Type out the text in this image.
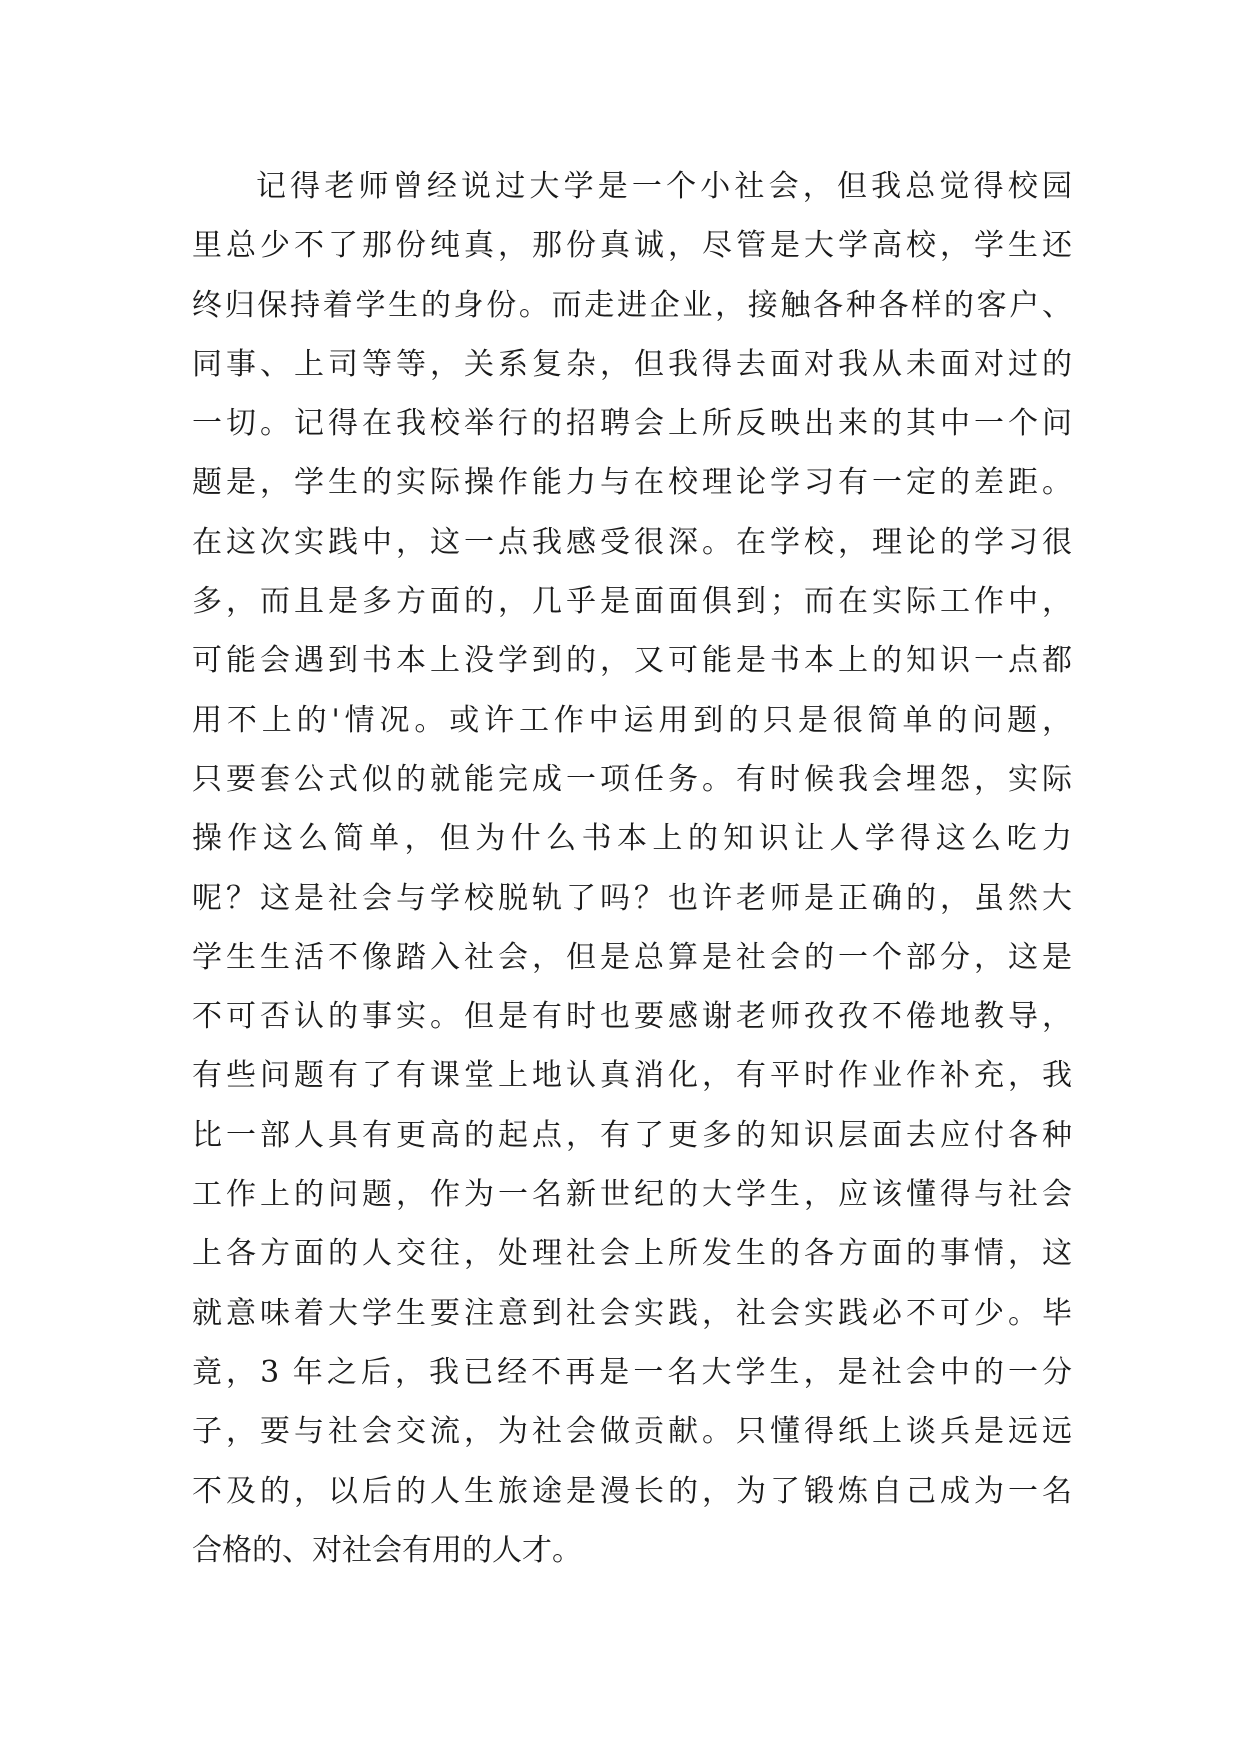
记得老师曾经说过大学是一个小社会，但我总觉得校园
里总少不了那份纯真，那份真诚，尽管是大学高校，学生还
终归保持着学生的身份。而走进企业，接触各种各样的客户、
同事、上司等等，关系复杂，但我得去面对我从未面对过的
一切。记得在我校举行的招聘会上所反映出来的其中一个问
题是，学生的实际操作能力与在校理论学习有一定的差距。
在这次实践中，这一点我感受很深。在学校，理论的学习很
多，而且是多方面的，几乎是面面俱到；而在实际工作中，
可能会遇到书本上没学到的，又可能是书本上的知识一点都
用不上的'情况。或许工作中运用到的只是很简单的问题，
只要套公式似的就能完成一项任务。有时候我会埋怨，实际
操作这么简单，但为什么书本上的知识让人学得这么吃力
呢？这是社会与学校脱轨了吗？也许老师是正确的，虽然大
学生生活不像踏入社会，但是总算是社会的一个部分，这是
不可否认的事实。但是有时也要感谢老师孜孜不倦地教导，
有些问题有了有课堂上地认真消化，有平时作业作补充，我
比一部人具有更高的起点，有了更多的知识层面去应付各种
工作上的问题，作为一名新世纪的大学生，应该懂得与社会
上各方面的人交往，处理社会上所发生的各方面的事情，这
就意味着大学生要注意到社会实践，社会实践必不可少。毕
竟，3 年之后，我已经不再是一名大学生，是社会中的一分
子，要与社会交流，为社会做贡献。只懂得纸上谈兵是远远
不及的，以后的人生旅途是漫长的，为了锻炼自己成为一名
合格的、对社会有用的人才。
